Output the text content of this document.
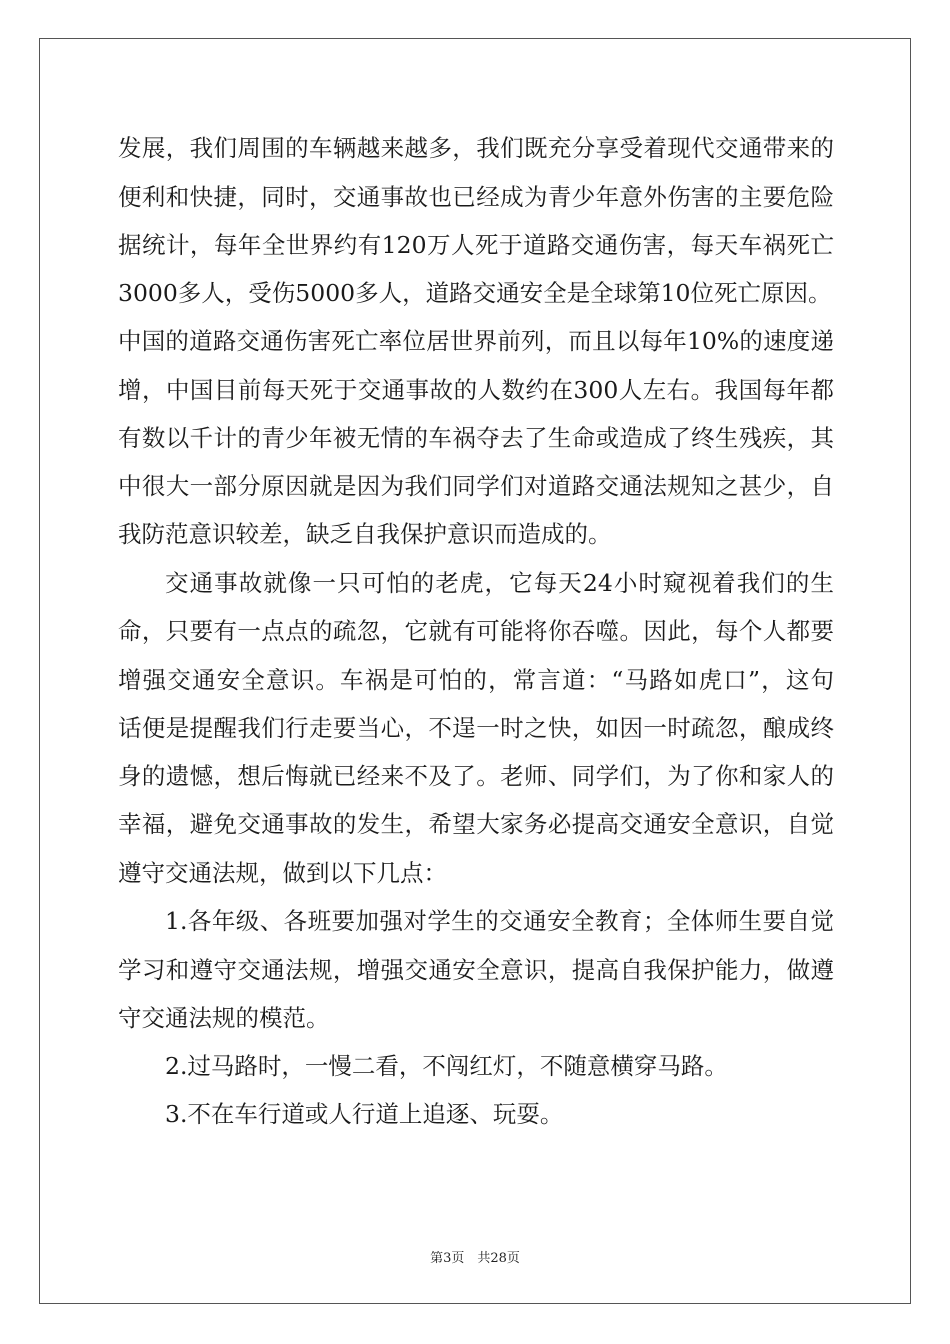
发展，我们周围的车辆越来越多，我们既充分享受着现代交通带来的
便利和快捷，同时，交通事故也已经成为青少年意外伤害的主要危险
据统计，每年全世界约有120万人死于道路交通伤害，每天车祸死亡
3000多人，受伤5000多人，道路交通安全是全球第10位死亡原因。
中国的道路交通伤害死亡率位居世界前列，而且以每年10%的速度递
增，中国目前每天死于交通事故的人数约在300人左右。我国每年都
有数以千计的青少年被无情的车祸夺去了生命或造成了终生残疾，其
中很大一部分原因就是因为我们同学们对道路交通法规知之甚少，自
我防范意识较差，缺乏自我保护意识而造成的。
交通事故就像一只可怕的老虎，它每天24小时窥视着我们的生
命，只要有一点点的疏忽，它就有可能将你吞噬。因此，每个人都要
增强交通安全意识。车祸是可怕的，常言道：“马路如虎口”，这句
话便是提醒我们行走要当心，不逞一时之快，如因一时疏忽，酿成终
身的遗憾，想后悔就已经来不及了。老师、同学们，为了你和家人的
幸福，避免交通事故的发生，希望大家务必提高交通安全意识，自觉
遵守交通法规，做到以下几点：
1.各年级、各班要加强对学生的交通安全教育；全体师生要自觉
学习和遵守交通法规，增强交通安全意识，提高自我保护能力，做遵
守交通法规的模范。
2.过马路时，一慢二看，不闯红灯，不随意横穿马路。
3.不在车行道或人行道上追逐、玩耍。
第3页　共28页
